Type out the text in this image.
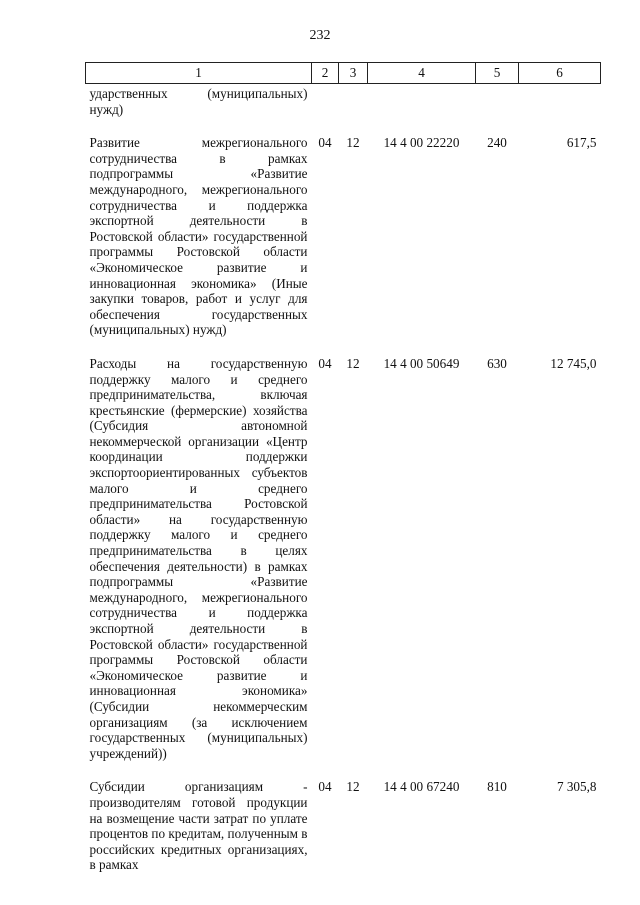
232
1	2	3	4	5	6
ударственных (муниципальных) нужд)					
Развитие межрегионального сотрудничества в рамках подпрограммы «Развитие международного, межрегионального сотрудничества и поддержка экспортной деятельности в Ростовской области» государственной программы Ростовской области «Экономическое развитие и инновационная экономика» (Иные закупки товаров, работ и услуг для обеспечения государственных (муниципальных) нужд)	04	12	14 4 00 22220	240	617,5
Расходы на государственную поддержку малого и среднего предпринимательства, включая крестьянские (фермерские) хозяйства (Субсидия автономной некоммерческой организации «Центр координации поддержки экспортоориентированных субъектов малого и среднего предпринимательства Ростовской области» на государственную поддержку малого и среднего предпринимательства в целях обеспечения деятельности) в рамках подпрограммы «Развитие международного, межрегионального сотрудничества и поддержка экспортной деятельности в Ростовской области» государственной программы Ростовской области «Экономическое развитие и инновационная экономика» (Субсидии некоммерческим организациям (за исключением государственных (муниципальных) учреждений))	04	12	14 4 00 50649	630	12 745,0
Субсидии организациям - производителям готовой продукции на возмещение части затрат по уплате процентов по кредитам, полученным в российских кредитных организациях, в рамках	04	12	14 4 00 67240	810	7 305,8
